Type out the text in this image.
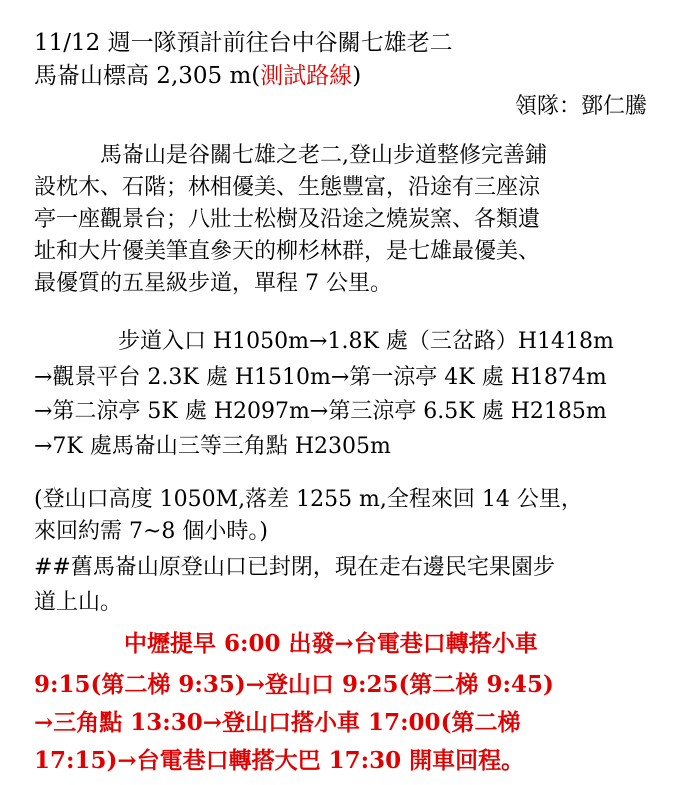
11/12 週一隊預計前往台中谷關七雄老二
馬崙山標高 2,305 m(測試路線)
領隊：鄧仁騰
馬崙山是谷關七雄之老二,登山步道整修完善鋪
設枕木、石階；林相優美、生態豐富，沿途有三座涼
亭一座觀景台；八壯士松樹及沿途之燒炭窯、各類遺
址和大片優美筆直參天的柳杉林群，是七雄最優美、
最優質的五星級步道，單程 7 公里。
步道入口 H1050m→1.8K 處（三岔路）H1418m
→觀景平台 2.3K 處 H1510m→第一涼亭 4K 處 H1874m
→第二涼亭 5K 處 H2097m→第三涼亭 6.5K 處 H2185m
→7K 處馬崙山三等三角點 H2305m
(登山口高度 1050M,落差 1255 m,全程來回 14 公里，
來回約需 7~8 個小時。)
##舊馬崙山原登山口已封閉，現在走右邊民宅果園步
道上山。
中壢提早 6:00 出發→台電巷口轉搭小車
9:15(第二梯 9:35)→登山口 9:25(第二梯 9:45)
→三角點 13:30→登山口搭小車 17:00(第二梯
17:15)→台電巷口轉搭大巴 17:30 開車回程。
